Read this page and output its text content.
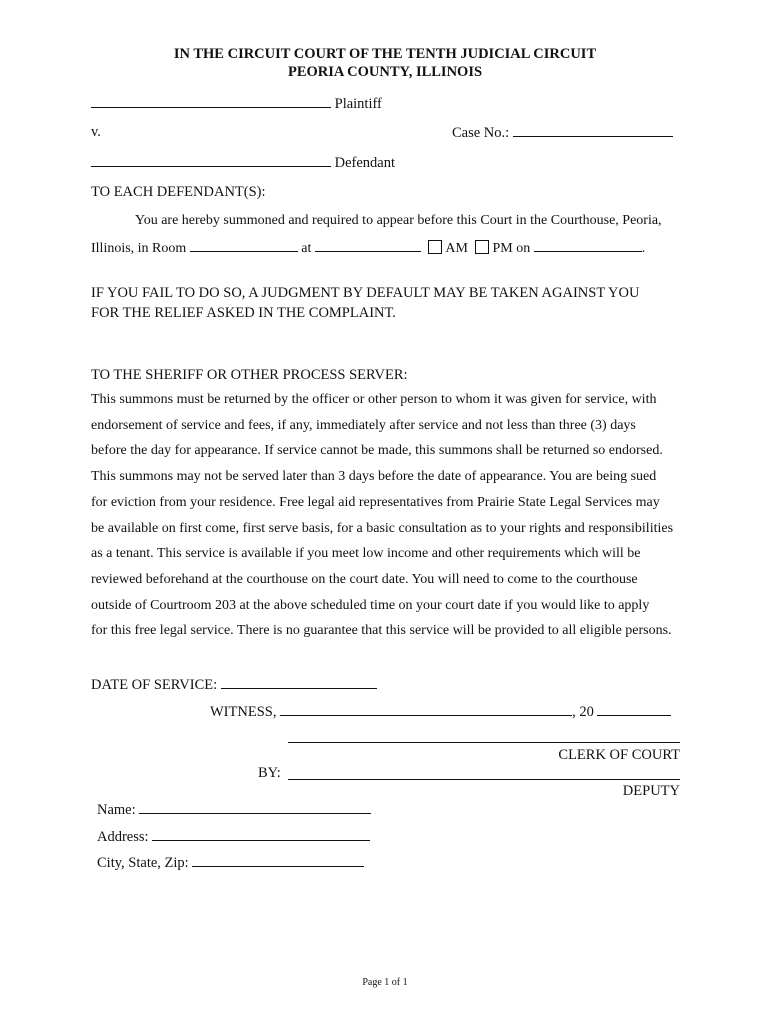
IN THE CIRCUIT COURT OF THE TENTH JUDICIAL CIRCUIT
PEORIA COUNTY, ILLINOIS
Plaintiff
v.	Case No.:
Defendant
TO EACH DEFENDANT(S):
You are hereby summoned and required to appear before this Court in the Courthouse, Peoria,
Illinois, in Room	at	AM PM on	.
IF YOU FAIL TO DO SO, A JUDGMENT BY DEFAULT MAY BE TAKEN AGAINST YOU
FOR THE RELIEF ASKED IN THE COMPLAINT.
TO THE SHERIFF OR OTHER PROCESS SERVER:
This summons must be returned by the officer or other person to whom it was given for service, with
endorsement of service and fees, if any, immediately after service and not less than three (3) days
before the day for appearance. If service cannot be made, this summons shall be returned so endorsed.
This summons may not be served later than 3 days before the date of appearance. You are being sued
for eviction from your residence. Free legal aid representatives from Prairie State Legal Services may
be available on first come, first serve basis, for a basic consultation as to your rights and responsibilities
as a tenant. This service is available if you meet low income and other requirements which will be
reviewed beforehand at the courthouse on the court date. You will need to come to the courthouse
outside of Courtroom 203 at the above scheduled time on your court date if you would like to apply
for this free legal service. There is no guarantee that this service will be provided to all eligible persons.
DATE OF SERVICE:
WITNESS,	, 20
CLERK OF COURT
BY:
DEPUTY
Name:
Address:
City, State, Zip:
Page 1 of 1
